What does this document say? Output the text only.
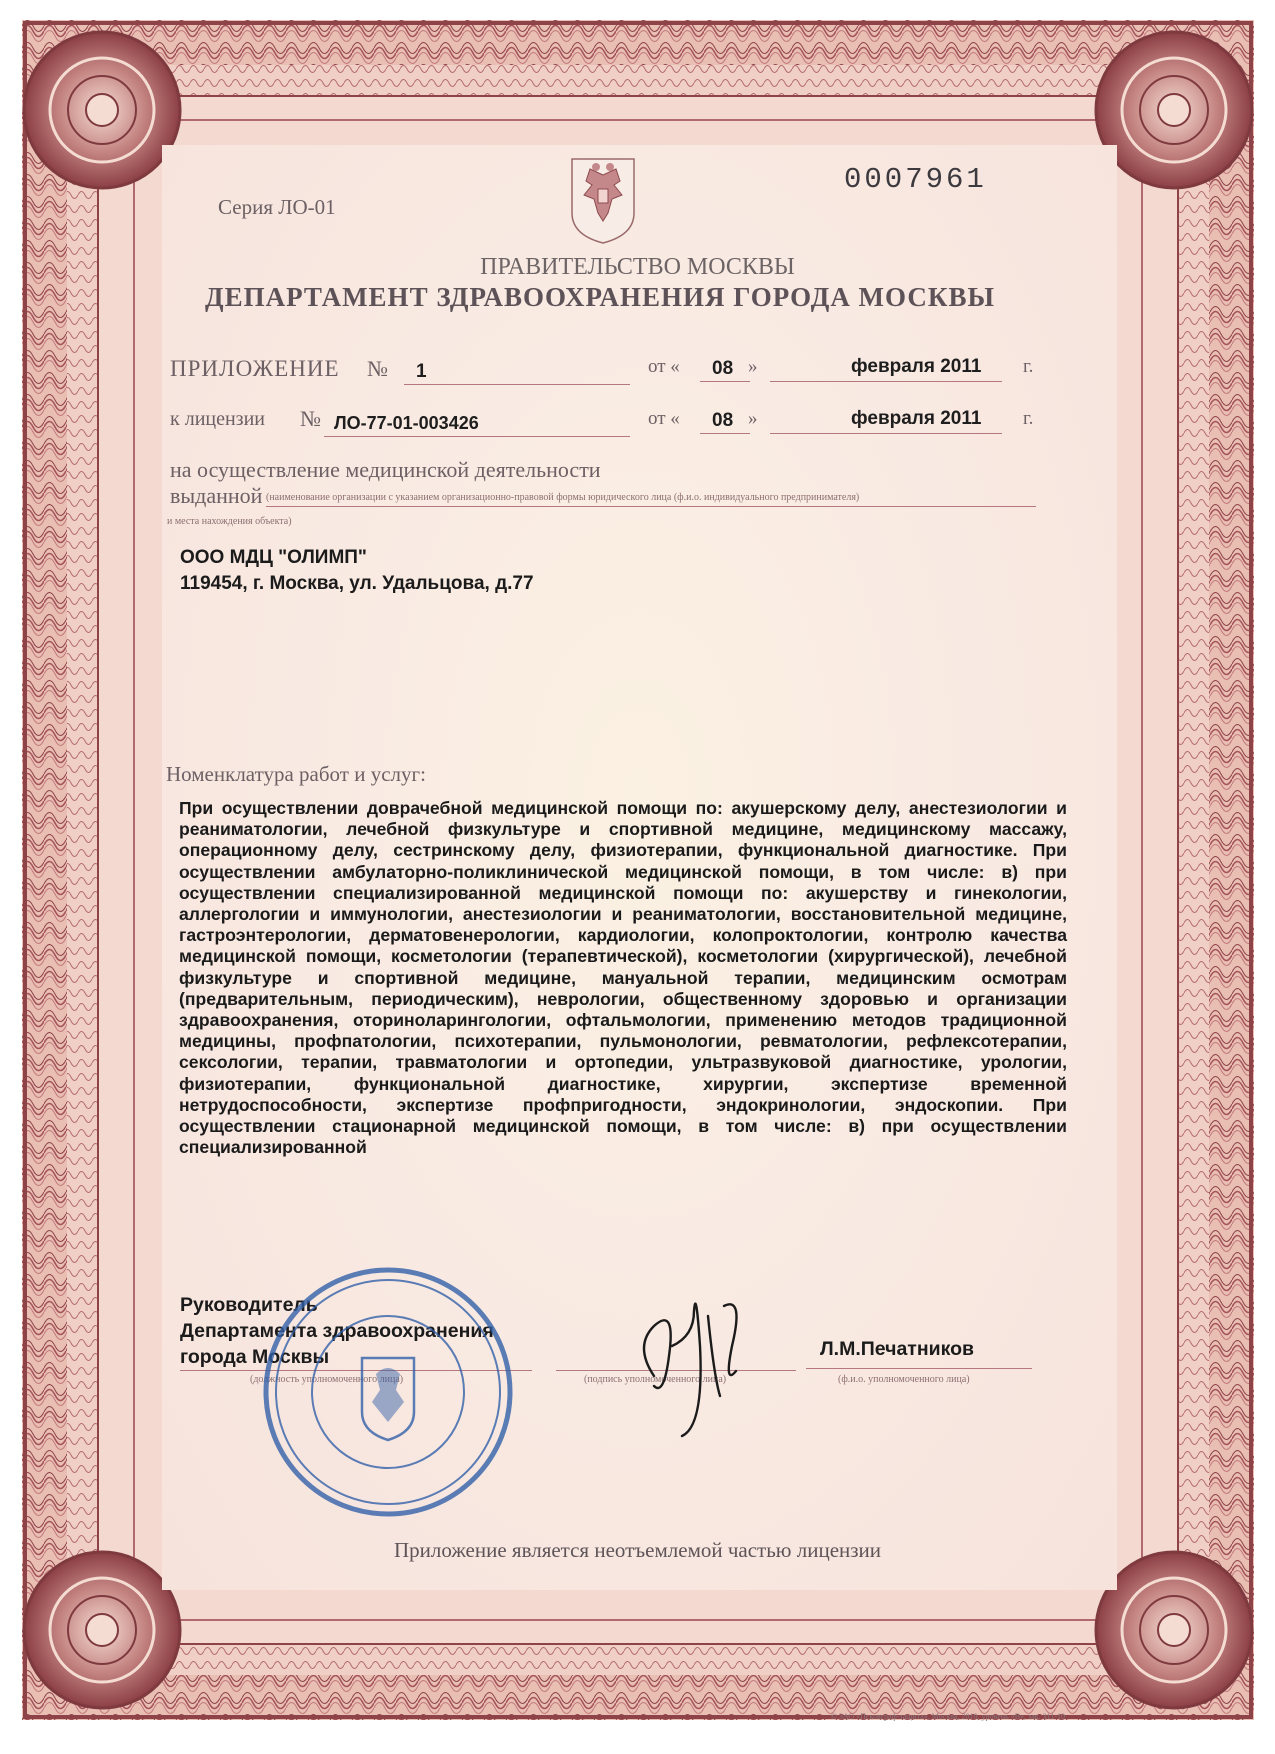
Серия ЛО-01
0007961
ПРАВИТЕЛЬСТВО МОСКВЫ
ДЕПАРТАМЕНТ ЗДРАВООХРАНЕНИЯ ГОРОДА МОСКВЫ
ПРИЛОЖЕНИЕ № 1	от « 08 »	февраля 2011 г.
к лицензии № ЛО-77-01-003426	от « 08 »	февраля 2011 г.
на осуществление медицинской деятельности
выданной (наименование организации с указанием организационно-правовой формы юридического лица (ф.и.о. индивидуального предпринимателя)
и места нахождения объекта)
ООО МДЦ "ОЛИМП"
119454, г. Москва, ул. Удальцова, д.77
Номенклатура работ и услуг:
При осуществлении доврачебной медицинской помощи по: акушерскому делу, анестезиологии и реаниматологии, лечебной физкультуре и спортивной медицине, медицинскому массажу, операционному делу, сестринскому делу, физиотерапии, функциональной диагностике. При осуществлении амбулаторно-поликлинической медицинской помощи, в том числе: в) при осуществлении специализированной медицинской помощи по: акушерству и гинекологии, аллергологии и иммунологии, анестезиологии и реаниматологии, восстановительной медицине, гастроэнтерологии, дерматовенерологии, кардиологии, колопроктологии, контролю качества медицинской помощи, косметологии (терапевтической), косметологии (хирургической), лечебной физкультуре и спортивной медицине, мануальной терапии, медицинским осмотрам (предварительным, периодическим), неврологии, общественному здоровью и организации здравоохранения, оториноларингологии, офтальмологии, применению методов традиционной медицины, профпатологии, психотерапии, пульмонологии, ревматологии, рефлексотерапии, сексологии, терапии, травматологии и ортопедии, ультразвуковой диагностике, урологии, физиотерапии, функциональной диагностике, хирургии, экспертизе временной нетрудоспособности, экспертизе профпригодности, эндокринологии, эндоскопии. При осуществлении стационарной медицинской помощи, в том числе: в) при осуществлении специализированной
Руководитель
Департамента здравоохранения
города Москвы
(должность уполномоченного лица)	(подпись уполномоченного лица)
Л.М.Печатников
(ф.и.о. уполномоченного лица)
Приложение является неотъемлемой частью лицензии
© ЗАО «Псковграф-защита», Москва, 2010, уровень «В», зак. 311-10
